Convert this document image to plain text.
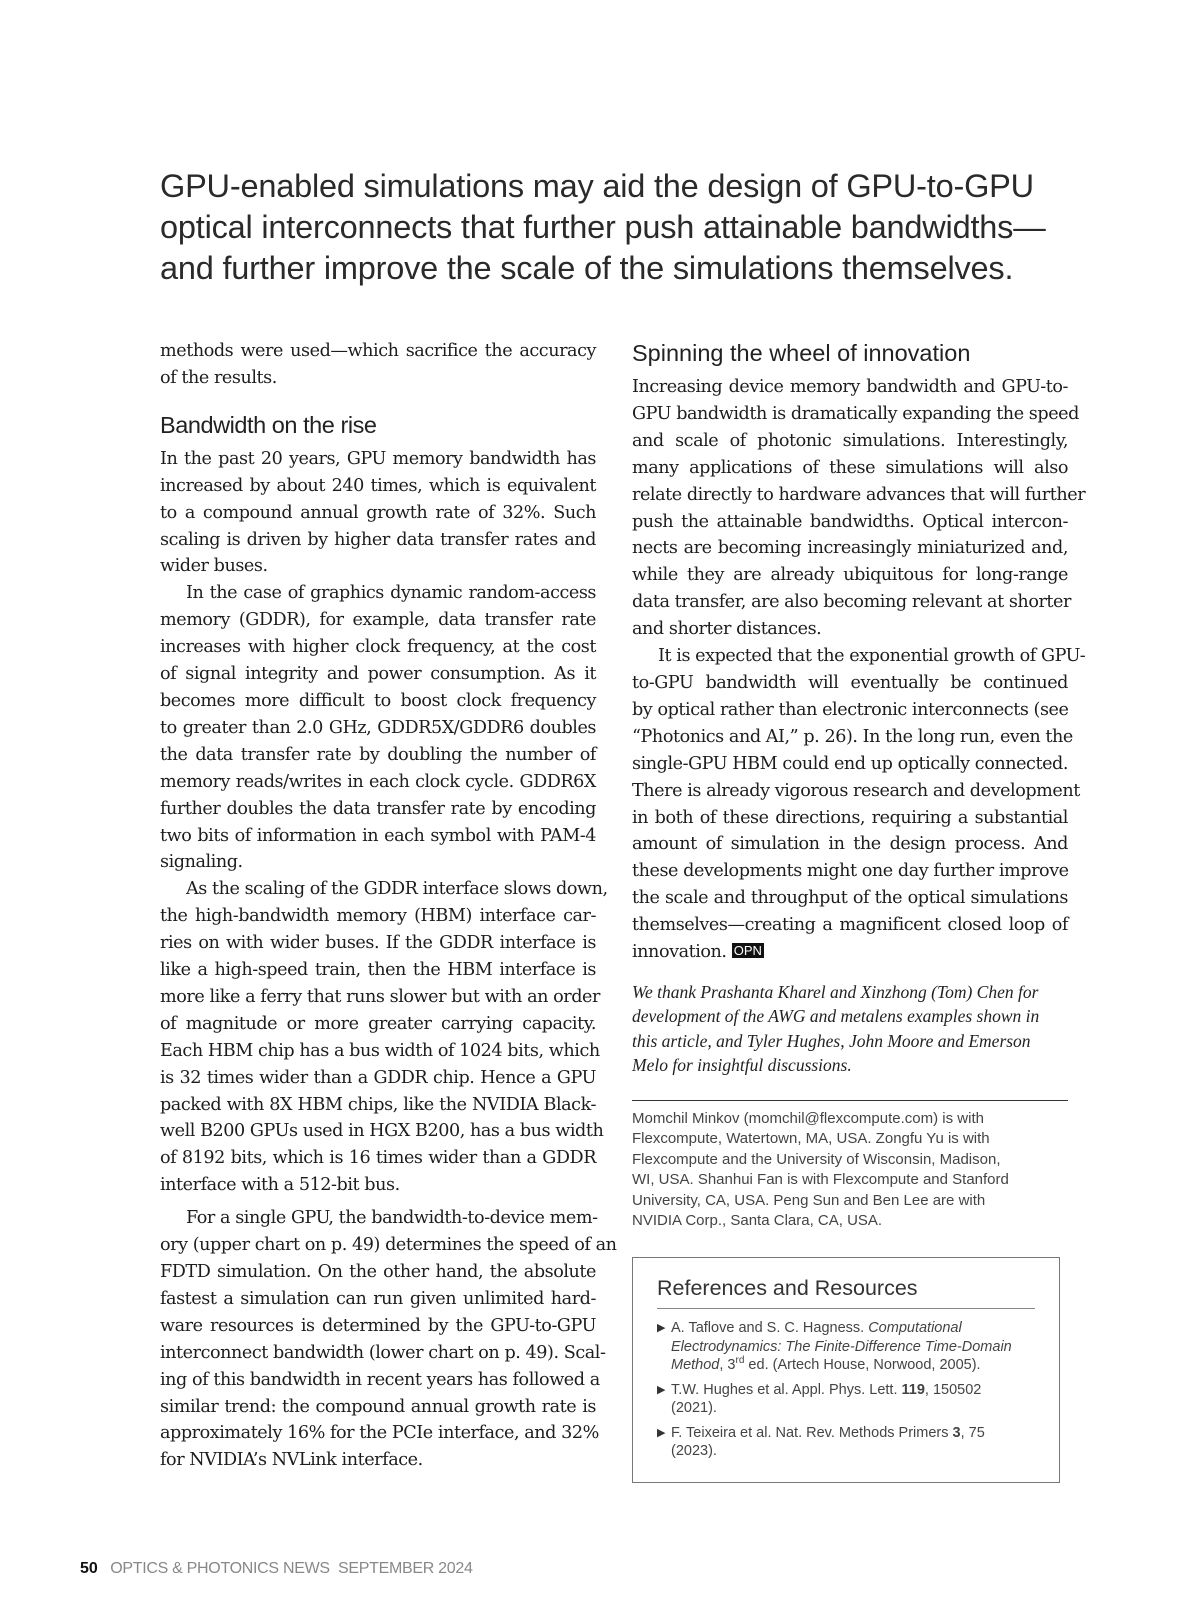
GPU-enabled simulations may aid the design of GPU-to-GPU
optical interconnects that further push attainable bandwidths—
and further improve the scale of the simulations themselves.
methods were used—which sacrifice the accuracy
of the results.
Bandwidth on the rise
In the past 20 years, GPU memory bandwidth has
increased by about 240 times, which is equivalent
to a compound annual growth rate of 32%. Such
scaling is driven by higher data transfer rates and
wider buses.
In the case of graphics dynamic random-access
memory (GDDR), for example, data transfer rate
increases with higher clock frequency, at the cost
of signal integrity and power consumption. As it
becomes more difficult to boost clock frequency
to greater than 2.0 GHz, GDDR5X/GDDR6 doubles
the data transfer rate by doubling the number of
memory reads/writes in each clock cycle. GDDR6X
further doubles the data transfer rate by encoding
two bits of information in each symbol with PAM-4
signaling.
As the scaling of the GDDR interface slows down,
the high-bandwidth memory (HBM) interface car-
ries on with wider buses. If the GDDR interface is
like a high-speed train, then the HBM interface is
more like a ferry that runs slower but with an order
of magnitude or more greater carrying capacity.
Each HBM chip has a bus width of 1024 bits, which
is 32 times wider than a GDDR chip. Hence a GPU
packed with 8X HBM chips, like the NVIDIA Black-
well B200 GPUs used in HGX B200, has a bus width
of 8192 bits, which is 16 times wider than a GDDR
interface with a 512-bit bus.
For a single GPU, the bandwidth-to-device mem-
ory (upper chart on p. 49) determines the speed of an
FDTD simulation. On the other hand, the absolute
fastest a simulation can run given unlimited hard-
ware resources is determined by the GPU-to-GPU
interconnect bandwidth (lower chart on p. 49). Scal-
ing of this bandwidth in recent years has followed a
similar trend: the compound annual growth rate is
approximately 16% for the PCIe interface, and 32%
for NVIDIA’s NVLink interface.
Spinning the wheel of innovation
Increasing device memory bandwidth and GPU-to-
GPU bandwidth is dramatically expanding the speed
and scale of photonic simulations. Interestingly,
many applications of these simulations will also
relate directly to hardware advances that will further
push the attainable bandwidths. Optical intercon-
nects are becoming increasingly miniaturized and,
while they are already ubiquitous for long-range
data transfer, are also becoming relevant at shorter
and shorter distances.
It is expected that the exponential growth of GPU-
to-GPU bandwidth will eventually be continued
by optical rather than electronic interconnects (see
“Photonics and AI,” p. 26). In the long run, even the
single-GPU HBM could end up optically connected.
There is already vigorous research and development
in both of these directions, requiring a substantial
amount of simulation in the design process. And
these developments might one day further improve
the scale and throughput of the optical simulations
themselves—creating a magnificent closed loop of
innovation. OPN
We thank Prashanta Kharel and Xinzhong (Tom) Chen for
development of the AWG and metalens examples shown in
this article, and Tyler Hughes, John Moore and Emerson
Melo for insightful discussions.
Momchil Minkov (momchil@flexcompute.com) is with
Flexcompute, Watertown, MA, USA. Zongfu Yu is with
Flexcompute and the University of Wisconsin, Madison,
WI, USA. Shanhui Fan is with Flexcompute and Stanford
University, CA, USA. Peng Sun and Ben Lee are with
NVIDIA Corp., Santa Clara, CA, USA.
References and Resources
▶ A. Taflove and S. C. Hagness. Computational
Electrodynamics: The Finite-Difference Time-Domain
Method, 3rd ed. (Artech House, Norwood, 2005).
▶ T.W. Hughes et al. Appl. Phys. Lett. 119, 150502
(2021).
▶ F. Teixeira et al. Nat. Rev. Methods Primers 3, 75
(2023).
50 OPTICS & PHOTONICS NEWS  SEPTEMBER 2024
